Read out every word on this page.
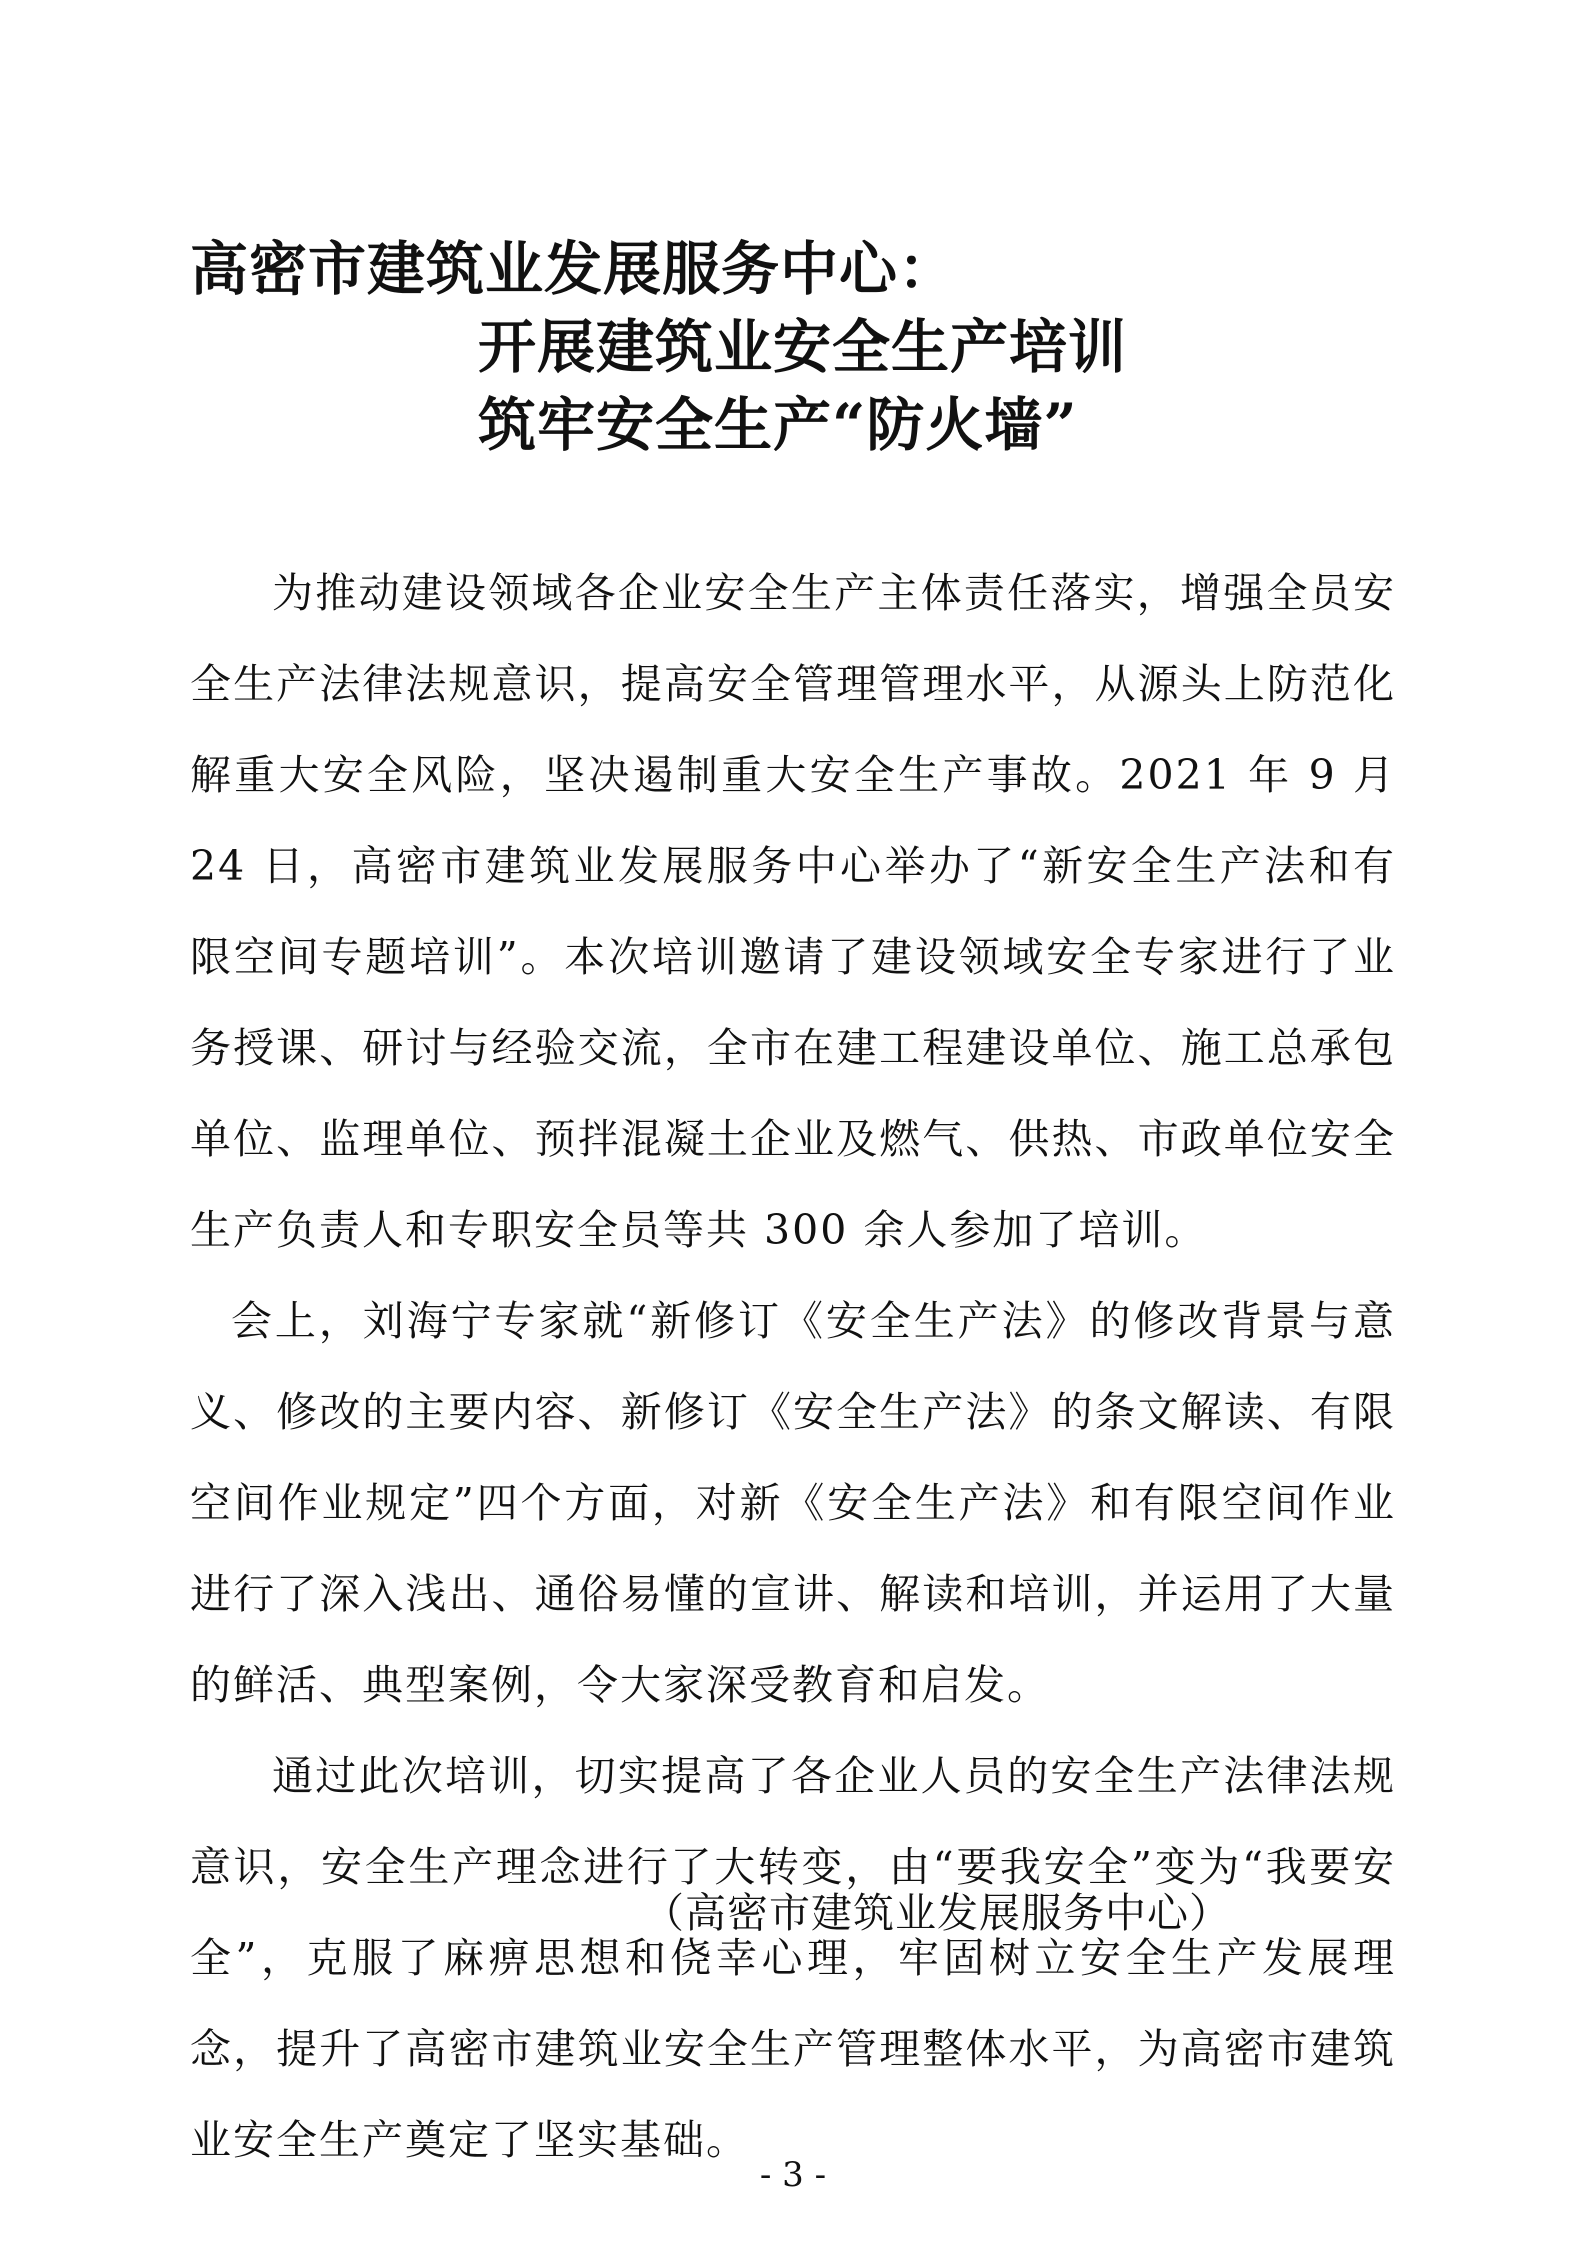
高密市建筑业发展服务中心：
开展建筑业安全生产培训
筑牢安全生产“防火墙”

为推动建设领域各企业安全生产主体责任落实，增强全员安全生产法律法规意识，提高安全管理管理水平，从源头上防范化解重大安全风险，坚决遏制重大安全生产事故。2021 年 9 月 24 日，高密市建筑业发展服务中心举办了“新安全生产法和有限空间专题培训”。本次培训邀请了建设领域安全专家进行了业务授课、研讨与经验交流，全市在建工程建设单位、施工总承包单位、监理单位、预拌混凝土企业及燃气、供热、市政单位安全生产负责人和专职安全员等共 300 余人参加了培训。

会上，刘海宁专家就“新修订《安全生产法》的修改背景与意义、修改的主要内容、新修订《安全生产法》的条文解读、有限空间作业规定”四个方面，对新《安全生产法》和有限空间作业进行了深入浅出、通俗易懂的宣讲、解读和培训，并运用了大量的鲜活、典型案例，令大家深受教育和启发。

通过此次培训，切实提高了各企业人员的安全生产法律法规意识，安全生产理念进行了大转变，由“要我安全”变为“我要安全”，克服了麻痹思想和侥幸心理，牢固树立安全生产发展理念，提升了高密市建筑业安全生产管理整体水平，为高密市建筑业安全生产奠定了坚实基础。

（高密市建筑业发展服务中心）

- 3 -
